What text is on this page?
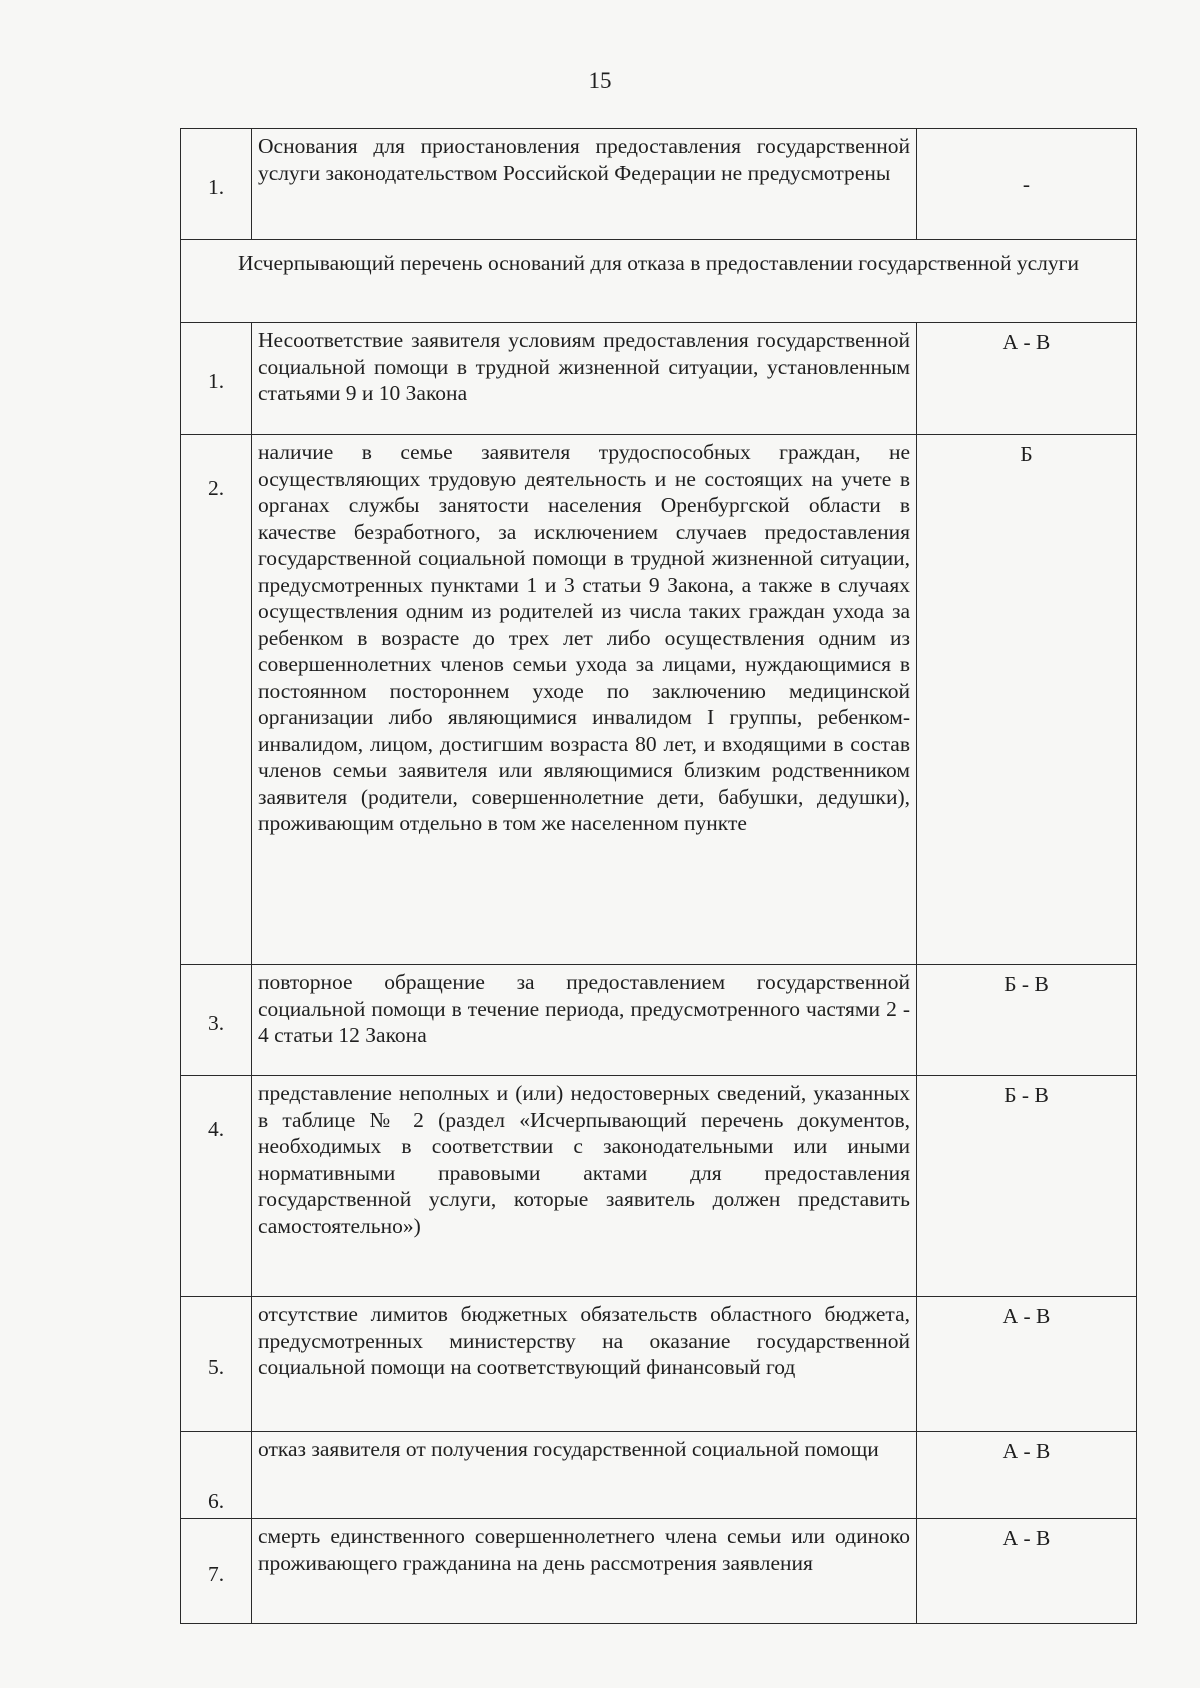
15
1.	Основания для приостановления предоставления государственной услуги законодательством Российской Федерации не предусмотрены	-
Исчерпывающий перечень оснований для отказа в предоставлении государственной услуги		
1.	Несоответствие заявителя условиям предоставления государственной социальной помощи в трудной жизненной ситуации, установленным статьями 9 и 10 Закона	А - В
2.	наличие в семье заявителя трудоспособных граждан, не осуществляющих трудовую деятельность и не состоящих на учете в органах службы занятости населения Оренбургской области в качестве безработного, за исключением случаев предоставления государственной социальной помощи в трудной жизненной ситуации, предусмотренных пунктами 1 и 3 статьи 9 Закона, а также в случаях осуществления одним из родителей из числа таких граждан ухода за ребенком в возрасте до трех лет либо осуществления одним из совершеннолетних членов семьи ухода за лицами, нуждающимися в постоянном постороннем уходе по заключению медицинской организации либо являющимися инвалидом I группы, ребенком-инвалидом, лицом, достигшим возраста 80 лет, и входящими в состав членов семьи заявителя или являющимися близким родственником заявителя (родители, совершеннолетние дети, бабушки, дедушки), проживающим отдельно в том же населенном пункте	Б
3.	повторное обращение за предоставлением государственной социальной помощи в течение периода, предусмотренного частями 2 - 4 статьи 12 Закона	Б - В
4.	представление неполных и (или) недостоверных сведений, указанных в таблице № 2 (раздел «Исчерпывающий перечень документов, необходимых в соответствии с законодательными или иными нормативными правовыми актами для предоставления государственной услуги, которые заявитель должен представить самостоятельно»)	Б - В
5.	отсутствие лимитов бюджетных обязательств областного бюджета, предусмотренных министерству на оказание государственной социальной помощи на соответствующий финансовый год	А - В
6.	отказ заявителя от получения государственной социальной помощи	А - В
7.	смерть единственного совершеннолетнего члена семьи или одиноко проживающего гражданина на день рассмотрения заявления	А - В
